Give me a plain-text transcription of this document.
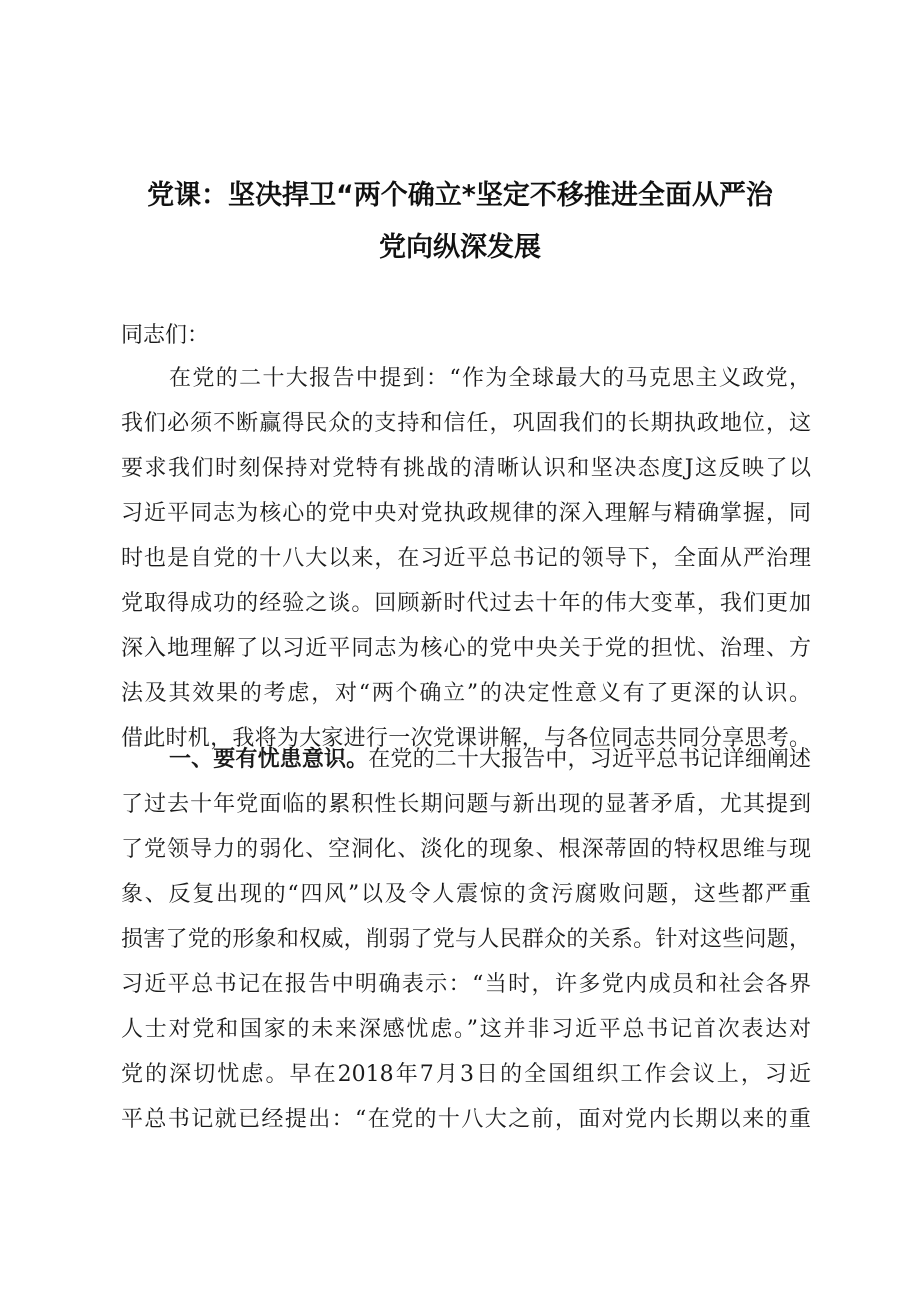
党课：坚决捍卫“两个确立*坚定不移推进全面从严治
党向纵深发展
同志们：
在党的二十大报告中提到：“作为全球最大的马克思主义政党，
我们必须不断赢得民众的支持和信任，巩固我们的长期执政地位，这
要求我们时刻保持对党特有挑战的清晰认识和坚决态度J这反映了以
习近平同志为核心的党中央对党执政规律的深入理解与精确掌握，同
时也是自党的十八大以来，在习近平总书记的领导下，全面从严治理
党取得成功的经验之谈。回顾新时代过去十年的伟大变革，我们更加
深入地理解了以习近平同志为核心的党中央关于党的担忧、治理、方
法及其效果的考虑，对“两个确立”的决定性意义有了更深的认识。
借此时机，我将为大家进行一次党课讲解，与各位同志共同分享思考。
一、要有忧患意识。在党的二十大报告中，习近平总书记详细阐述
了过去十年党面临的累积性长期问题与新出现的显著矛盾，尤其提到
了党领导力的弱化、空洞化、淡化的现象、根深蒂固的特权思维与现
象、反复出现的“四风”以及令人震惊的贪污腐败问题，这些都严重
损害了党的形象和权威，削弱了党与人民群众的关系。针对这些问题，
习近平总书记在报告中明确表示：“当时，许多党内成员和社会各界
人士对党和国家的未来深感忧虑。”这并非习近平总书记首次表达对
党的深切忧虑。早在2018年7月3日的全国组织工作会议上，习近
平总书记就已经提出：“在党的十八大之前，面对党内长期以来的重
